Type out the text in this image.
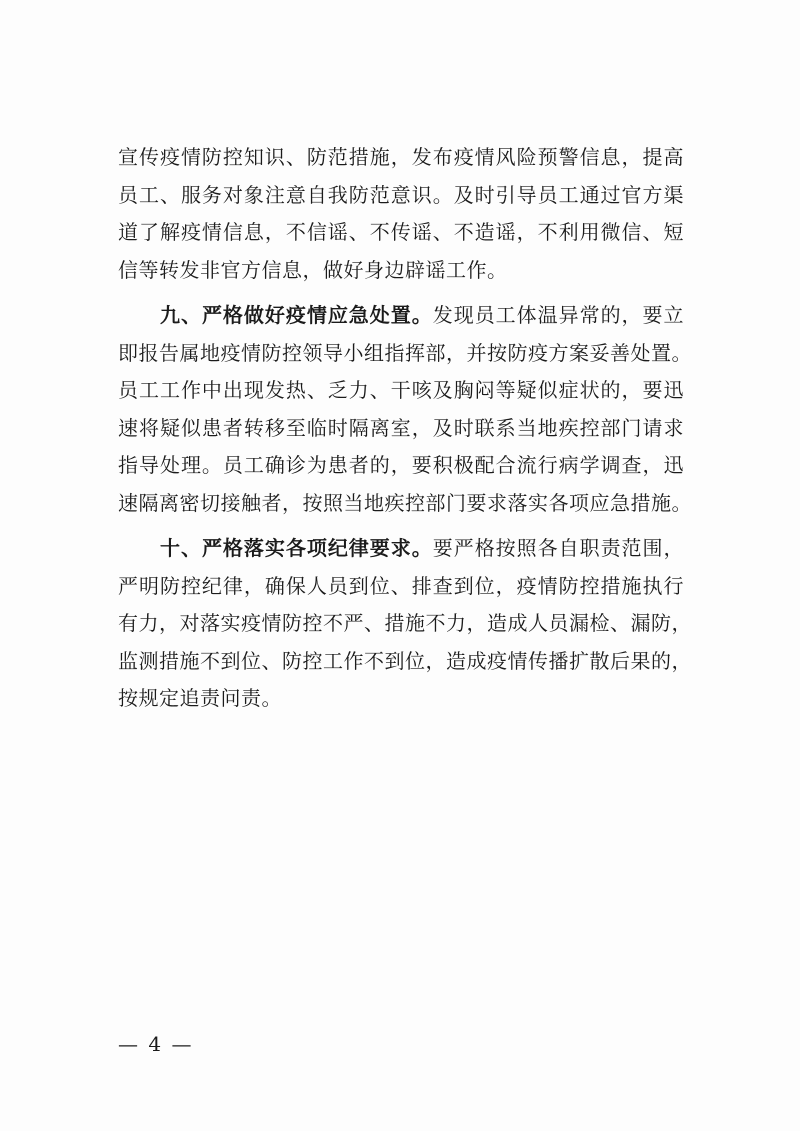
宣传疫情防控知识、防范措施，发布疫情风险预警信息，提高
员工、服务对象注意自我防范意识。及时引导员工通过官方渠
道了解疫情信息，不信谣、不传谣、不造谣，不利用微信、短
信等转发非官方信息，做好身边辟谣工作。
九、严格做好疫情应急处置。发现员工体温异常的，要立
即报告属地疫情防控领导小组指挥部，并按防疫方案妥善处置。
员工工作中出现发热、乏力、干咳及胸闷等疑似症状的，要迅
速将疑似患者转移至临时隔离室，及时联系当地疾控部门请求
指导处理。员工确诊为患者的，要积极配合流行病学调查，迅
速隔离密切接触者，按照当地疾控部门要求落实各项应急措施。
十、严格落实各项纪律要求。要严格按照各自职责范围，
严明防控纪律，确保人员到位、排查到位，疫情防控措施执行
有力，对落实疫情防控不严、措施不力，造成人员漏检、漏防，
监测措施不到位、防控工作不到位，造成疫情传播扩散后果的，
按规定追责问责。
— 4 —
